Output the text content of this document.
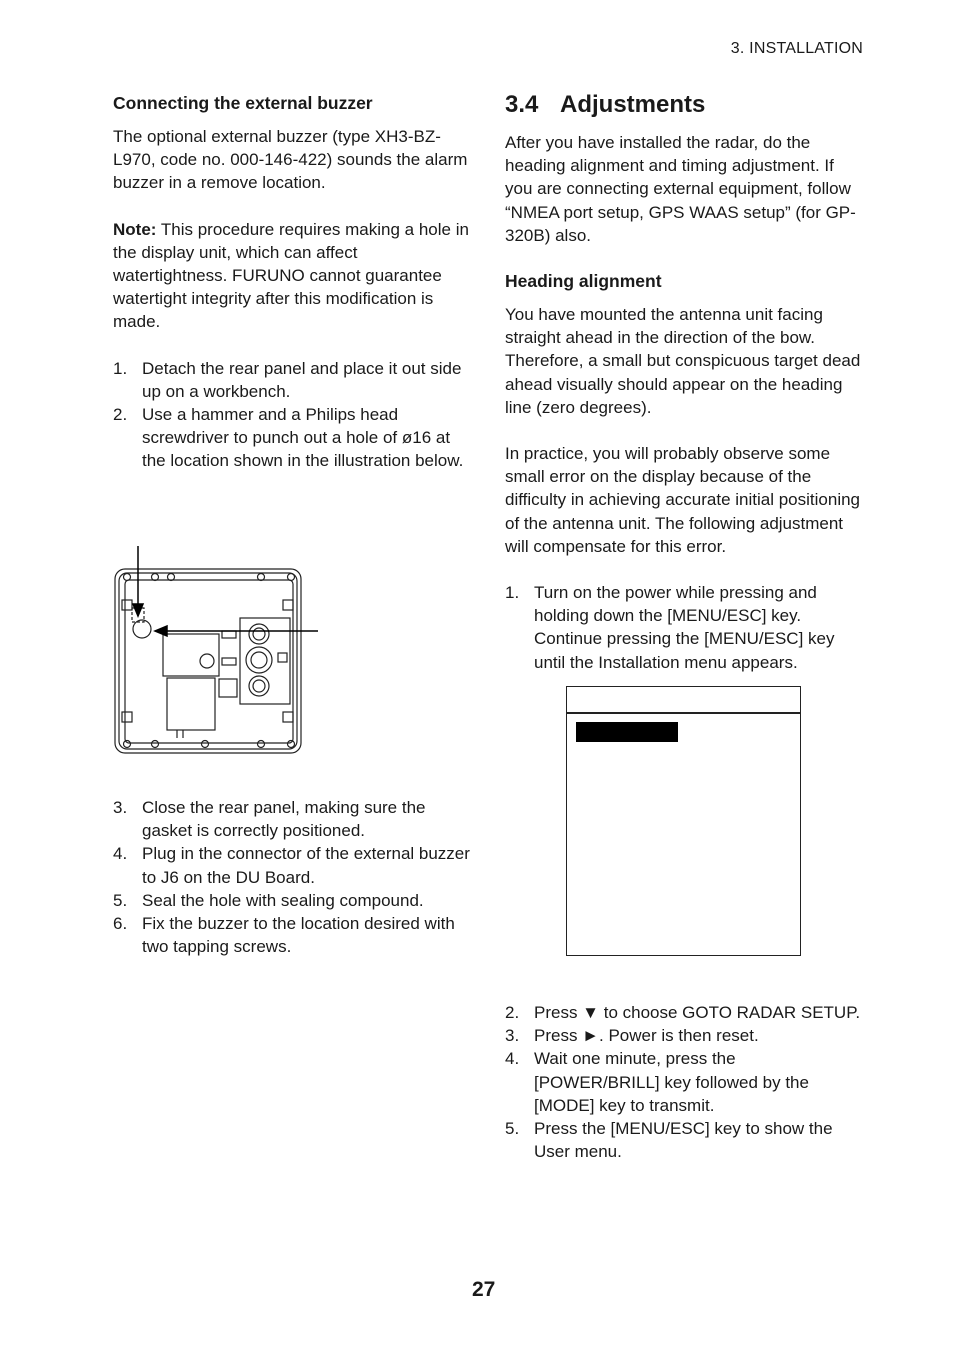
3. INSTALLATION
Connecting the external buzzer

The optional external buzzer (type XH3-BZ-L970, code no. 000-146-422) sounds the alarm buzzer in a remove location.

Note: This procedure requires making a hole in the display unit, which can affect watertightness. FURUNO cannot guarantee watertight integrity after this modification is made.

1. Detach the rear panel and place it out side up on a workbench.
2. Use a hammer and a Philips head screwdriver to punch out a hole of ø16 at the location shown in the illustration below.
3. Close the rear panel, making sure the gasket is correctly positioned.
4. Plug in the connector of the external buzzer to J6 on the DU Board.
5. Seal the hole with sealing compound.
6. Fix the buzzer to the location desired with two tapping screws.
3.4 Adjustments

After you have installed the radar, do the heading alignment and timing adjustment. If you are connecting external equipment, follow “NMEA port setup, GPS WAAS setup” (for GP-320B) also.

Heading alignment

You have mounted the antenna unit facing straight ahead in the direction of the bow. Therefore, a small but conspicuous target dead ahead visually should appear on the heading line (zero degrees).

In practice, you will probably observe some small error on the display because of the difficulty in achieving accurate initial positioning of the antenna unit. The following adjustment will compensate for this error.

1. Turn on the power while pressing and holding down the [MENU/ESC] key. Continue pressing the [MENU/ESC] key until the Installation menu appears.
2. Press ▼ to choose GOTO RADAR SETUP.
3. Press ►. Power is then reset.
4. Wait one minute, press the [POWER/BRILL] key followed by the [MODE] key to transmit.
5. Press the [MENU/ESC] key to show the User menu.
27
